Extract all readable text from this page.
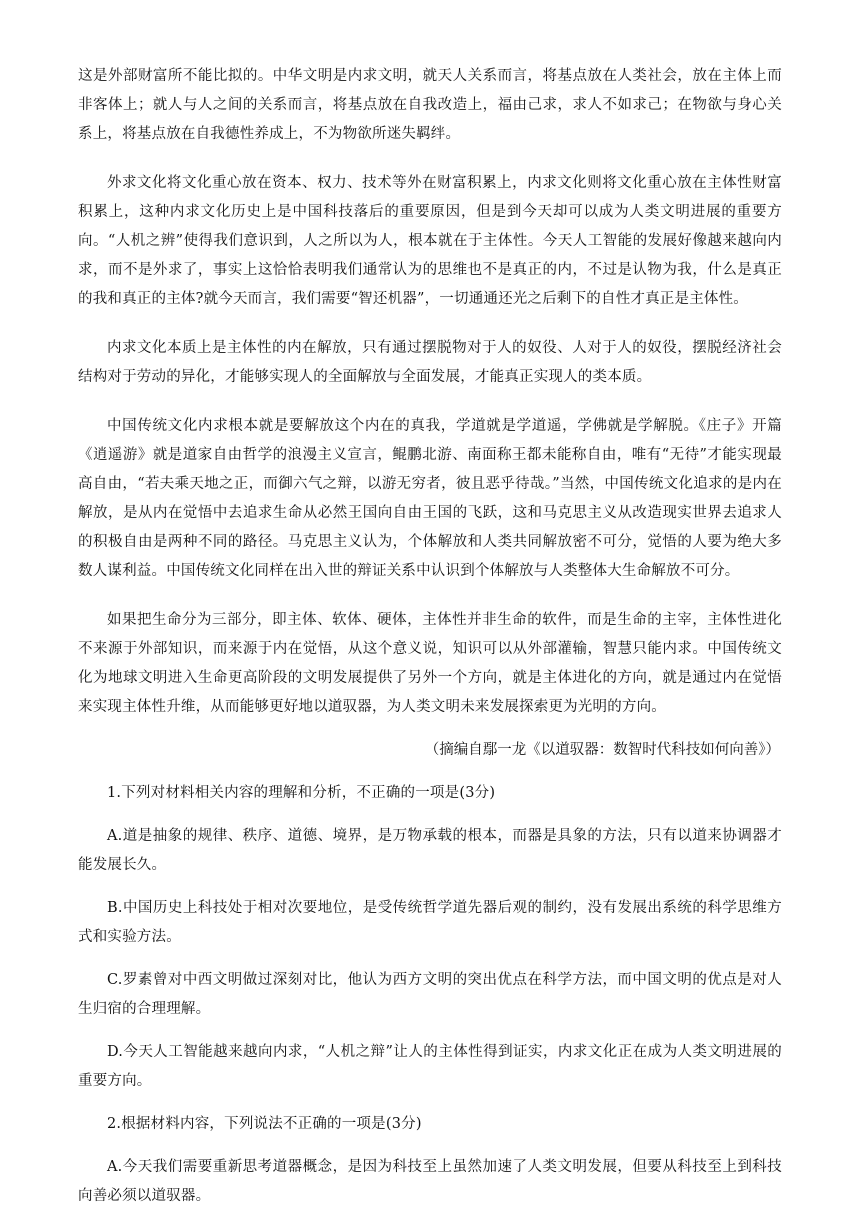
这是外部财富所不能比拟的。中华文明是内求文明，就天人关系而言，将基点放在人类社会，放在主体上而非客体上；就人与人之间的关系而言，将基点放在自我改造上，福由己求，求人不如求己；在物欲与身心关系上，将基点放在自我德性养成上，不为物欲所迷失羁绊。

外求文化将文化重心放在资本、权力、技术等外在财富积累上，内求文化则将文化重心放在主体性财富积累上，这种内求文化历史上是中国科技落后的重要原因，但是到今天却可以成为人类文明进展的重要方向。“人机之辨”使得我们意识到，人之所以为人，根本就在于主体性。今天人工智能的发展好像越来越向内求，而不是外求了，事实上这恰恰表明我们通常认为的思维也不是真正的内，不过是认物为我，什么是真正的我和真正的主体?就今天而言，我们需要“智还机器”，一切通通还光之后剩下的自性才真正是主体性。

内求文化本质上是主体性的内在解放，只有通过摆脱物对于人的奴役、人对于人的奴役，摆脱经济社会结构对于劳动的异化，才能够实现人的全面解放与全面发展，才能真正实现人的类本质。

中国传统文化内求根本就是要解放这个内在的真我，学道就是学道遥，学佛就是学解脱。《庄子》开篇《逍遥游》就是道家自由哲学的浪漫主义宣言，鲲鹏北游、南面称王都未能称自由，唯有“无待”才能实现最高自由，“若夫乘天地之正，而御六气之辩，以游无穷者，彼且恶乎待哉。”当然，中国传统文化追求的是内在解放，是从内在觉悟中去追求生命从必然王国向自由王国的飞跃，这和马克思主义从改造现实世界去追求人的积极自由是两种不同的路径。马克思主义认为，个体解放和人类共同解放密不可分，觉悟的人要为绝大多数人谋利益。中国传统文化同样在出入世的辩证关系中认识到个体解放与人类整体大生命解放不可分。

如果把生命分为三部分，即主体、软体、硬体，主体性并非生命的软件，而是生命的主宰，主体性进化不来源于外部知识，而来源于内在觉悟，从这个意义说，知识可以从外部灌输，智慧只能内求。中国传统文化为地球文明进入生命更高阶段的文明发展提供了另外一个方向，就是主体进化的方向，就是通过内在觉悟来实现主体性升维，从而能够更好地以道驭器，为人类文明未来发展探索更为光明的方向。

（摘编自鄢一龙《以道驭器：数智时代科技如何向善》）

1.下列对材料相关内容的理解和分析，不正确的一项是(3分)

A.道是抽象的规律、秩序、道德、境界，是万物承载的根本，而器是具象的方法，只有以道来协调器才能发展长久。

B.中国历史上科技处于相对次要地位，是受传统哲学道先器后观的制约，没有发展出系统的科学思维方式和实验方法。

C.罗素曾对中西文明做过深刻对比，他认为西方文明的突出优点在科学方法，而中国文明的优点是对人生归宿的合理理解。

D.今天人工智能越来越向内求，“人机之辩”让人的主体性得到证实，内求文化正在成为人类文明进展的重要方向。

2.根据材料内容，下列说法不正确的一项是(3分)

A.今天我们需要重新思考道器概念，是因为科技至上虽然加速了人类文明发展，但要从科技至上到科技向善必须以道驭器。
